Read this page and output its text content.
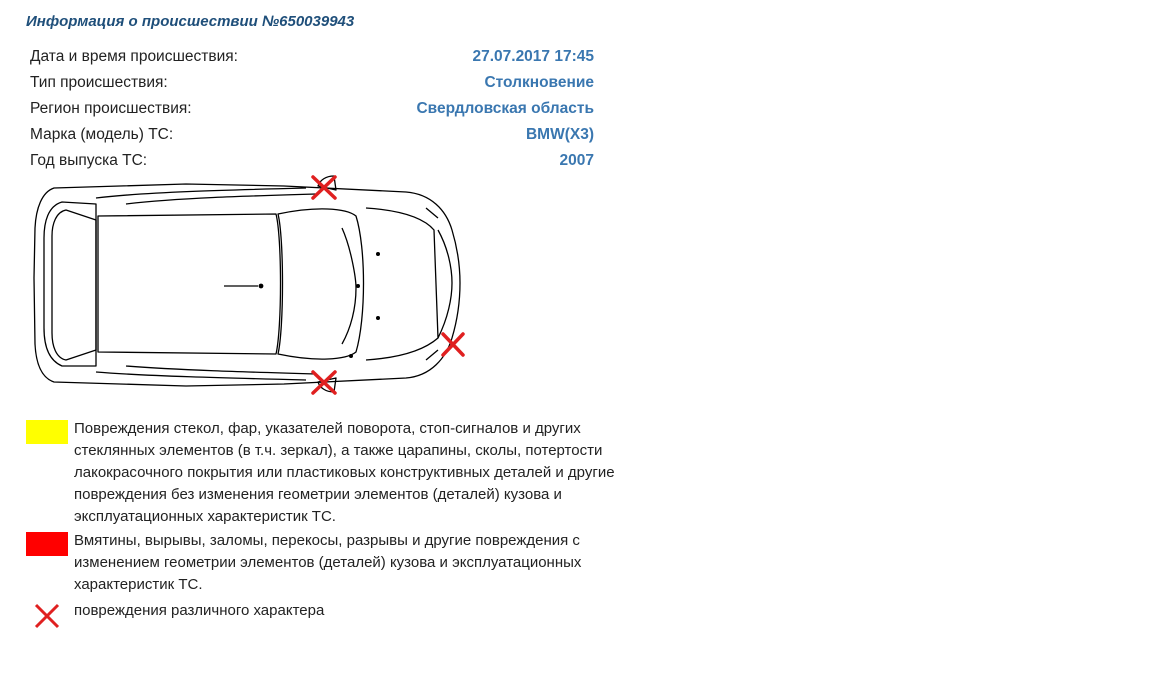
Информация о происшествии №650039943
Дата и время происшествия:	27.07.2017 17:45
Тип происшествия:	Столкновение
Регион происшествия:	Свердловская область
Марка (модель) ТС:	BMW(X3)
Год выпуска ТС:	2007
Повреждения стекол, фар, указателей поворота, стоп-сигналов и других стеклянных элементов (в т.ч. зеркал), а также царапины, сколы, потертости лакокрасочного покрытия или пластиковых конструктивных деталей и другие повреждения без изменения геометрии элементов (деталей) кузова и эксплуатационных характеристик ТС.
Вмятины, вырывы, заломы, перекосы, разрывы и другие повреждения с изменением геометрии элементов (деталей) кузова и эксплуатационных характеристик ТС.
повреждения различного характера
